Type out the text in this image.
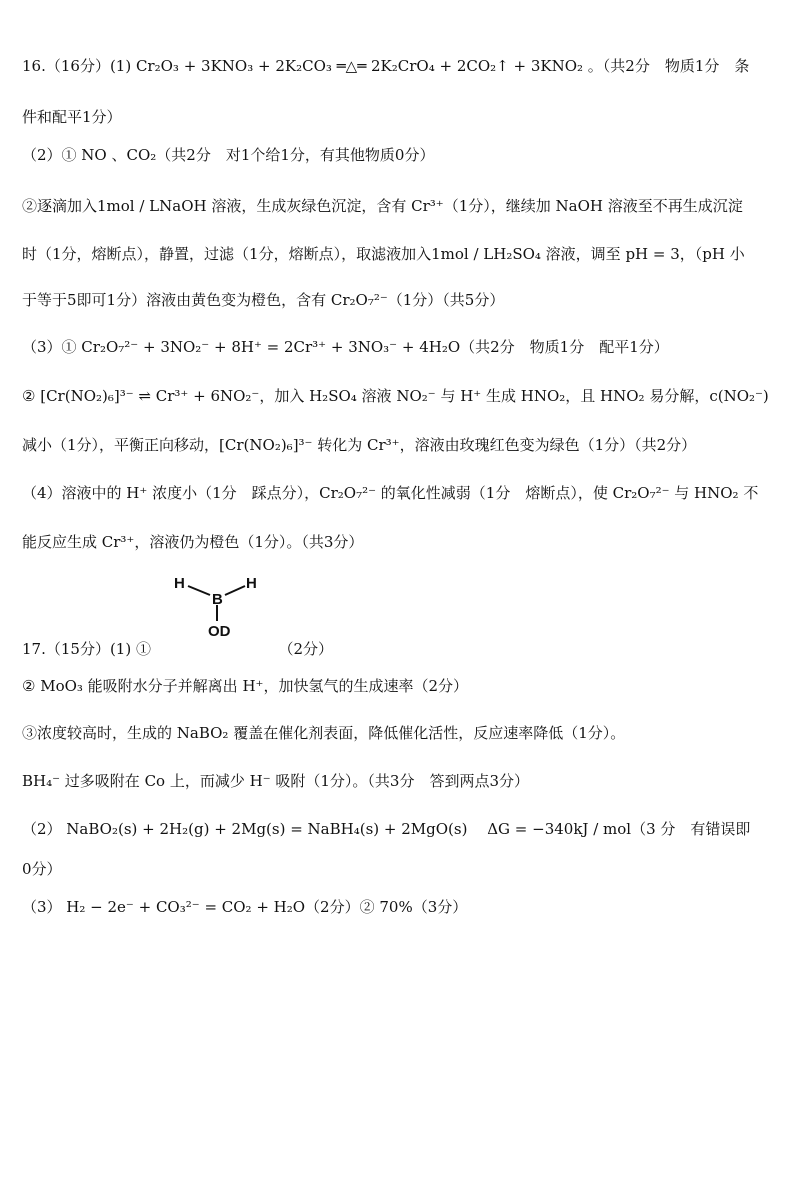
16.（16分）(1) Cr₂O₃ + 3KNO₃ + 2K₂CO₃ ═△═ 2K₂CrO₄ + 2CO₂↑ + 3KNO₂ 。（共2分　物质1分　条
件和配平1分）
（2）① NO 、CO₂（共2分　对1个给1分，有其他物质0分）
②逐滴加入1mol / LNaOH 溶液，生成灰绿色沉淀，含有 Cr³⁺（1分），继续加 NaOH 溶液至不再生成沉淀
时（1分，熔断点），静置，过滤（1分，熔断点），取滤液加入1mol / LH₂SO₄ 溶液，调至 pH = 3，（pH 小
于等于5即可1分）溶液由黄色变为橙色，含有 Cr₂O₇²⁻（1分）（共5分）
（3）① Cr₂O₇²⁻ + 3NO₂⁻ + 8H⁺ = 2Cr³⁺ + 3NO₃⁻ + 4H₂O（共2分　物质1分　配平1分）
② [Cr(NO₂)₆]³⁻ ⇌ Cr³⁺ + 6NO₂⁻，加入 H₂SO₄ 溶液 NO₂⁻ 与 H⁺ 生成 HNO₂，且 HNO₂ 易分解，c(NO₂⁻)
减小（1分），平衡正向移动，[Cr(NO₂)₆]³⁻ 转化为 Cr³⁺，溶液由玫瑰红色变为绿色（1分）（共2分）
（4）溶液中的 H⁺ 浓度小（1分　踩点分），Cr₂O₇²⁻ 的氧化性减弱（1分　熔断点），使 Cr₂O₇²⁻ 与 HNO₂ 不
能反应生成 Cr³⁺，溶液仍为橙色（1分）。（共3分）
H
B
H
OD
17.（15分）(1) ①　　　　　　　　　（2分）
② MoO₃ 能吸附水分子并解离出 H⁺，加快氢气的生成速率（2分）
③浓度较高时，生成的 NaBO₂ 覆盖在催化剂表面，降低催化活性，反应速率降低（1分）。
BH₄⁻ 过多吸附在 Co 上，而减少 H⁻ 吸附（1分）。（共3分　答到两点3分）
（2） NaBO₂(s) + 2H₂(g) + 2Mg(s) = NaBH₄(s) + 2MgO(s)　 ΔG = −340kJ / mol（3 分　有错误即
0分）
（3） H₂ − 2e⁻ + CO₃²⁻ = CO₂ + H₂O（2分）② 70%（3分）
